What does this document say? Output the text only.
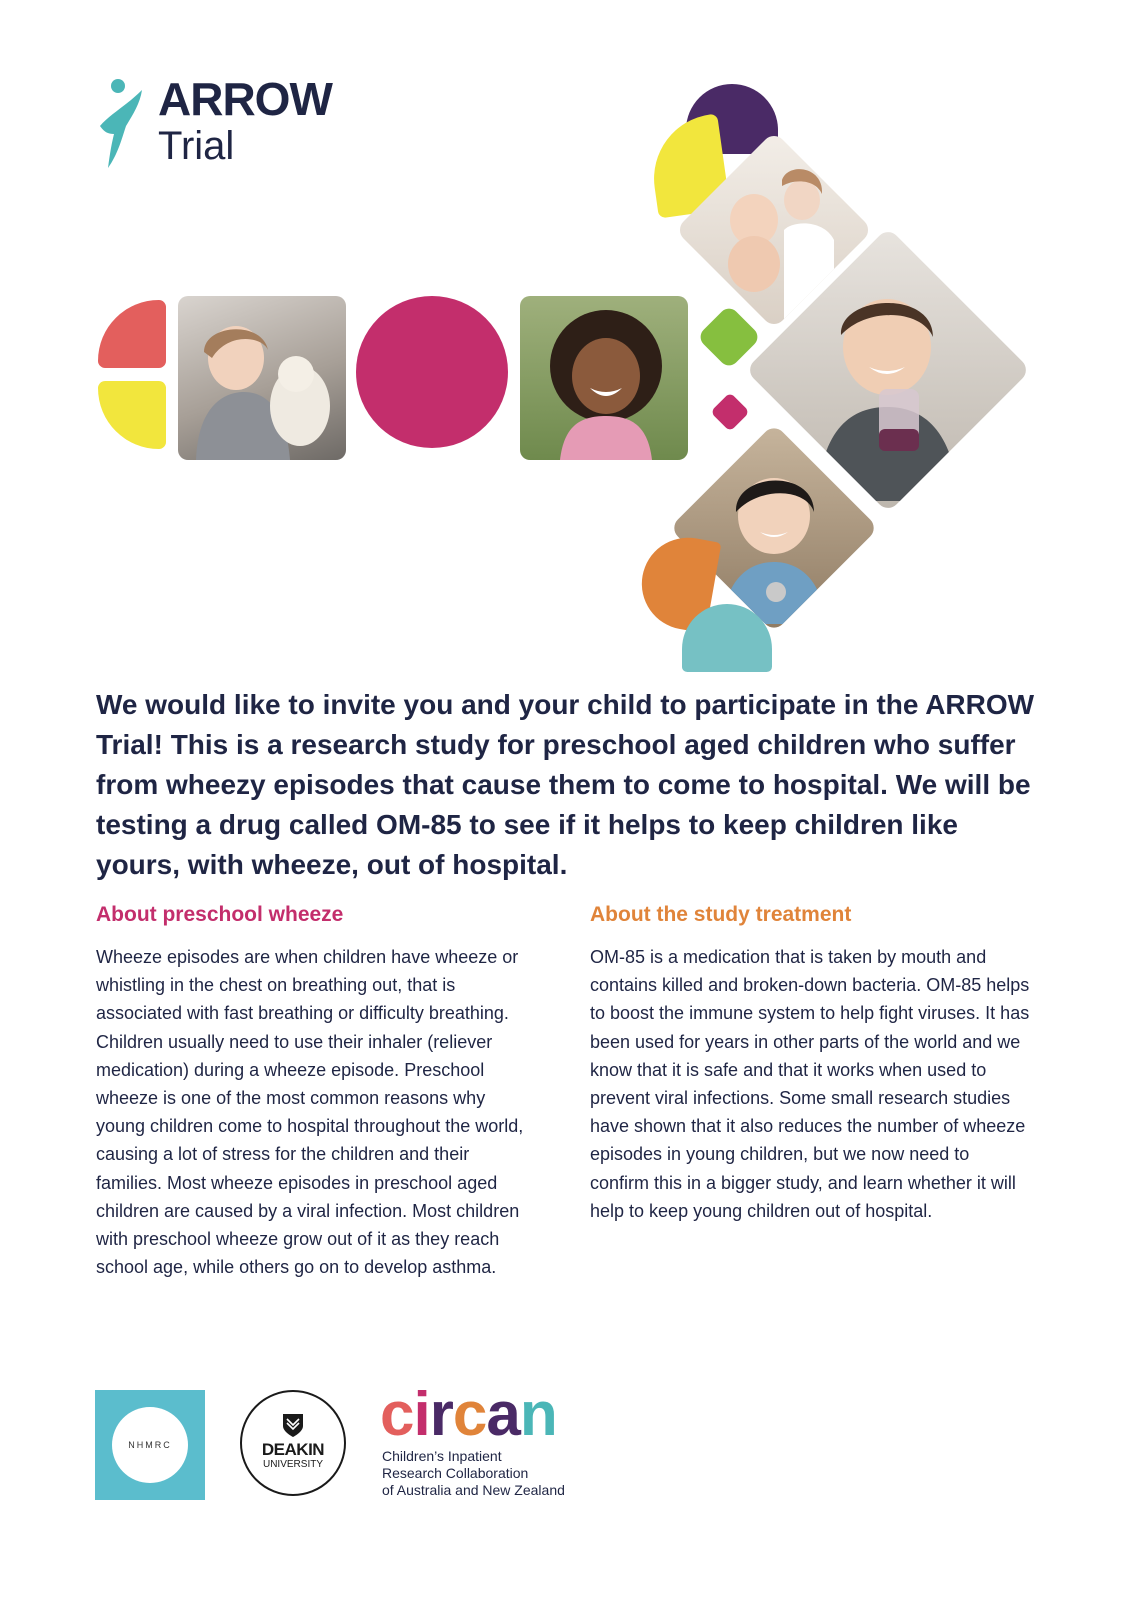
ARROW
Trial

We would like to invite you and your child to participate in the ARROW Trial! This is a research study for preschool aged children who suffer from wheezy episodes that cause them to come to hospital. We will be testing a drug called OM-85 to see if it helps to keep children like yours, with wheeze, out of hospital.

About preschool wheeze

Wheeze episodes are when children have wheeze or whistling in the chest on breathing out, that is associated with fast breathing or difficulty breathing. Children usually need to use their inhaler (reliever medication) during a wheeze episode. Preschool wheeze is one of the most common reasons why young children come to hospital throughout the world, causing a lot of stress for the children and their families. Most wheeze episodes in preschool aged children are caused by a viral infection. Most children with preschool wheeze grow out of it as they reach school age, while others go on to develop asthma.

About the study treatment

OM-85 is a medication that is taken by mouth and contains killed and broken-down bacteria. OM-85 helps to boost the immune system to help fight viruses. It has been used for years in other parts of the world and we know that it is safe and that it works when used to prevent viral infections. Some small research studies have shown that it also reduces the number of wheeze episodes in young children, but we now need to confirm this in a bigger study, and learn whether it will help to keep young children out of hospital.

NHMRC	DEAKIN
UNIVERSITY
circan
Children’s Inpatient
Research Collaboration
of Australia and New Zealand
